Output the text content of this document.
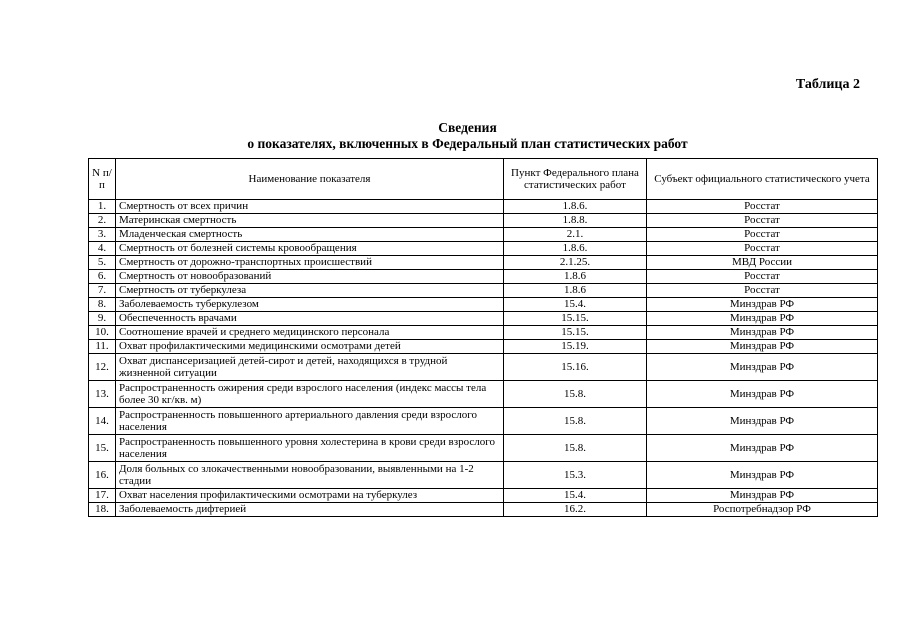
Таблица 2
Сведения
о показателях, включенных в Федеральный план статистических работ
N п/п	Наименование показателя	Пункт Федерального плана статистических работ	Субъект официального статистического учета
1.	Смертность от всех причин	1.8.6.	Росстат
2.	Материнская смертность	1.8.8.	Росстат
3.	Младенческая смертность	2.1.	Росстат
4.	Смертность от болезней системы кровообращения	1.8.6.	Росстат
5.	Смертность от дорожно-транспортных происшествий	2.1.25.	МВД России
6.	Смертность от новообразований	1.8.6	Росстат
7.	Смертность от туберкулеза	1.8.6	Росстат
8.	Заболеваемость туберкулезом	15.4.	Минздрав РФ
9.	Обеспеченность врачами	15.15.	Минздрав РФ
10.	Соотношение врачей и среднего медицинского персонала	15.15.	Минздрав РФ
11.	Охват профилактическими медицинскими осмотрами детей	15.19.	Минздрав РФ
12.	Охват диспансеризацией детей-сирот и детей, находящихся в трудной жизненной ситуации	15.16.	Минздрав РФ
13.	Распространенность ожирения среди взрослого населения (индекс массы тела более 30 кг/кв. м)	15.8.	Минздрав РФ
14.	Распространенность повышенного артериального давления среди взрослого населения	15.8.	Минздрав РФ
15.	Распространенность повышенного уровня холестерина в крови среди взрослого населения	15.8.	Минздрав РФ
16.	Доля больных со злокачественными новообразовании, выявленными на 1-2 стадии	15.3.	Минздрав РФ
17.	Охват населения профилактическими осмотрами на туберкулез	15.4.	Минздрав РФ
18.	Заболеваемость дифтерией	16.2.	Роспотребнадзор РФ
